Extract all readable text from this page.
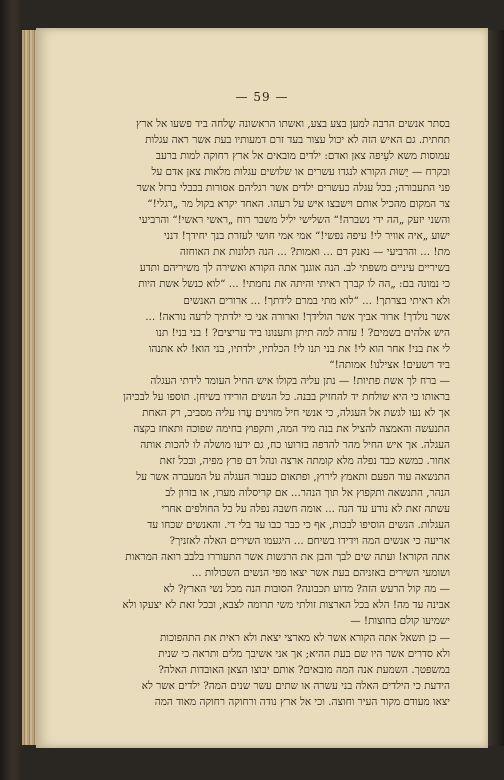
— 59 —
בסתר אנשים הרבה למען בצע בצע, ואשתו הראשונה שָלחה ביד פשעו אל ארץ
תחתית. גם האיש הזה לא יכול עצור בעד זרם דמעותיו בעת אשר ראה עגלות
עמוסות משא לעֵיפה צאן ואדם: ילדים מובאים אל ארץ רחוקה למות ברעב
ובקרח — יֵשוּת הקורא לנגדו עשרים או שלושים עגלות מלאות צאן אדם על
פני התעבורה; בכל עגלה כעשרים ילדים אשר רגליהם אסורות בכבלי ברזל אשר
צר המקום מהכיל אותם וישבצו איש על רעהו. האחד יקרא בקול מר „רגלי!“
והשני יזעק „הה ידי נשברה!“ השלישי יליל משבר רוח „ראשי ראשי!“ והרביעי
ישוע „איה אוויר לי! עיפה נפשי!“ אמי אמי חושי לעזרת בנך יחידך! דנני
מת! ... והרביעי — נאנק דם ... ואמות? ... הנה תלונות את האוחזה
בשיריים עיניים משפתי לב. הנה אוגנך אתה הקורא ואשירה לך משיריהם ותדע
כי נמונה בם: „הה לו קברך ראיתי והיתה את נחמתי! ... “לוא כנשל אשת היות
ולא ראיתי בצרתך! ... “לוא מתי במרם לידתך! ... ארורים האנשים
אשר נולדך! ארור אביך אשר הולידך! וארורה אני כי ילדתיך לרעה נוראה! ...
היש אלהים בשמים? ! עזרה למה תיתן ותענונו ביד עריצים? ! בני בני! תנו
לי את בני! אחר הוא לי! את בני תנו לי! הכלתיו, ילדתיו, בני הוא! לא אתנהו
ביד רשעים! אצילנו! אמותה!“
— ברח לך אשת פתיות! — נתן עליה בקולו איש החיל העומד לידתי העגלה
בראותו כי היא שולחת יד להחזיק בבנה. כל הנשים הורידו בשיחן. תוספו על לבכיהן
אך לא נעו לגשת אל העגלה, כי אנשי חיל מזוינים עֲרו עליה מסביב, רק האחת
התנעשה והאמצה להציל את בנה מיד המה, ותקפוץ בחימה שפוכה ותאחז בקצה
העגלה. אך איש החיל מהר להדפה בזרועו כח, גם ידעו מושלה לו להכות אותה
אחור. כמשא כבד נפלה מלא קומתה ארצה ונהל דם פרץ מפיה, ובכל זאת
התנשאה עוד הפעם ותאמץ לירוץ, ופתאום כעבור העגלה על המעברה אשר על
הנהר, התנשאה ותקפוץ אל תוך הנהר... אם קריסלוה מערו, או בזרון לב
עשתה זאת לא נודע עד הנה ... אומה חשבה נפלה על כל החולפים אחרי
העגלות. הנשים הוסיפו לבכות, אף כי כבר כבו עד בלי די. והאנשים שכחו עד
אריעה כי אנשים המה וידידו בשיחם ... היגעמו השירים האלה לאזניך?
אתה הקורא! ועתה שים לבך והבן את הרגשות אשר התעוררו בלבב רואה המראות
ושומעי השירים באזניהם בעת אשר יצאו מפי הנשים השכולות ...
— מה קול הרעש הזה? מדוע תכבונה? הסובות הנה מכל נשי הארץ? לא
אבינה עד מה! הלא בכל הארצות זולתי משי תרומה לצבא, ובכל זאת לא יצעקו ולא
ישמיעו קולם בחוצות! —
— כן תשאל אתה הקורא אשר לא מארצי יצאת ולא ראית את התהפוכות
ולא סדרים אשר היו שם בעת ההיא; אך אני אשיבך מלים ותראה כי שנית
במשפטך. השמעת אנה המה מובאים? אותם יבוצו הצאן האובדות האלה?
הידעת כי הילדים האלה בני עשרה או שתים עשר שנים המה? ילדים אשר לא
יצאו מעודם מקור העיר וחוצה. וכי אל ארץ נודה ורחוקה רחוקה מאוד המה
